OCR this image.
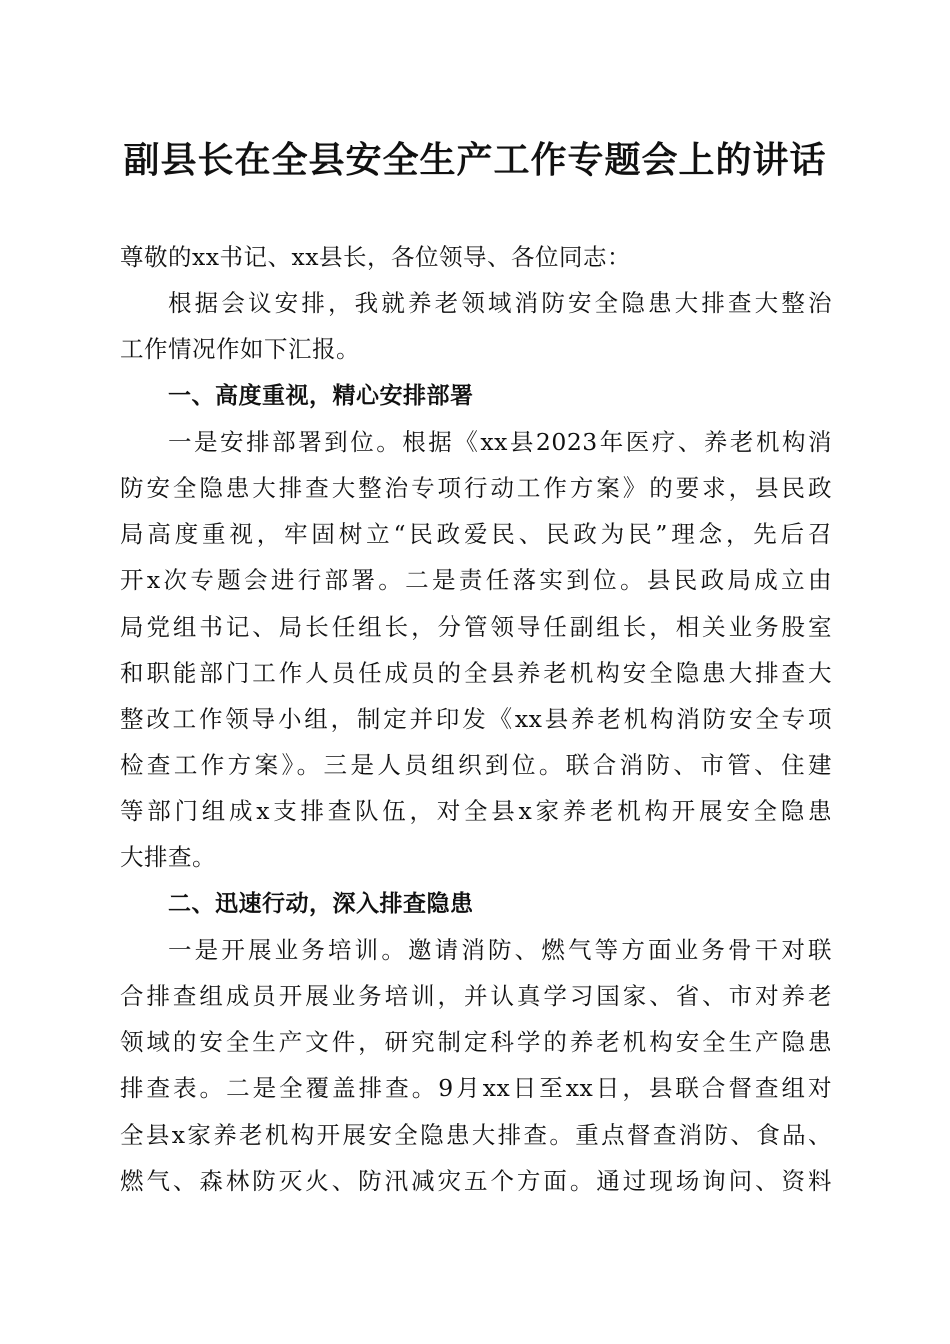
副县长在全县安全生产工作专题会上的讲话
尊敬的xx书记、xx县长，各位领导、各位同志：
根据会议安排，我就养老领域消防安全隐患大排查大整治
工作情况作如下汇报。
一、高度重视，精心安排部署
一是安排部署到位。根据《xx县2023年医疗、养老机构消
防安全隐患大排查大整治专项行动工作方案》的要求，县民政
局高度重视，牢固树立“民政爱民、民政为民”理念，先后召
开x次专题会进行部署。二是责任落实到位。县民政局成立由
局党组书记、局长任组长，分管领导任副组长，相关业务股室
和职能部门工作人员任成员的全县养老机构安全隐患大排查大
整改工作领导小组，制定并印发《xx县养老机构消防安全专项
检查工作方案》。三是人员组织到位。联合消防、市管、住建
等部门组成x支排查队伍，对全县x家养老机构开展安全隐患
大排查。
二、迅速行动，深入排查隐患
一是开展业务培训。邀请消防、燃气等方面业务骨干对联
合排查组成员开展业务培训，并认真学习国家、省、市对养老
领域的安全生产文件，研究制定科学的养老机构安全生产隐患
排查表。二是全覆盖排查。9月xx日至xx日，县联合督查组对
全县x家养老机构开展安全隐患大排查。重点督查消防、食品、
燃气、森林防灭火、防汛减灾五个方面。通过现场询问、资料
